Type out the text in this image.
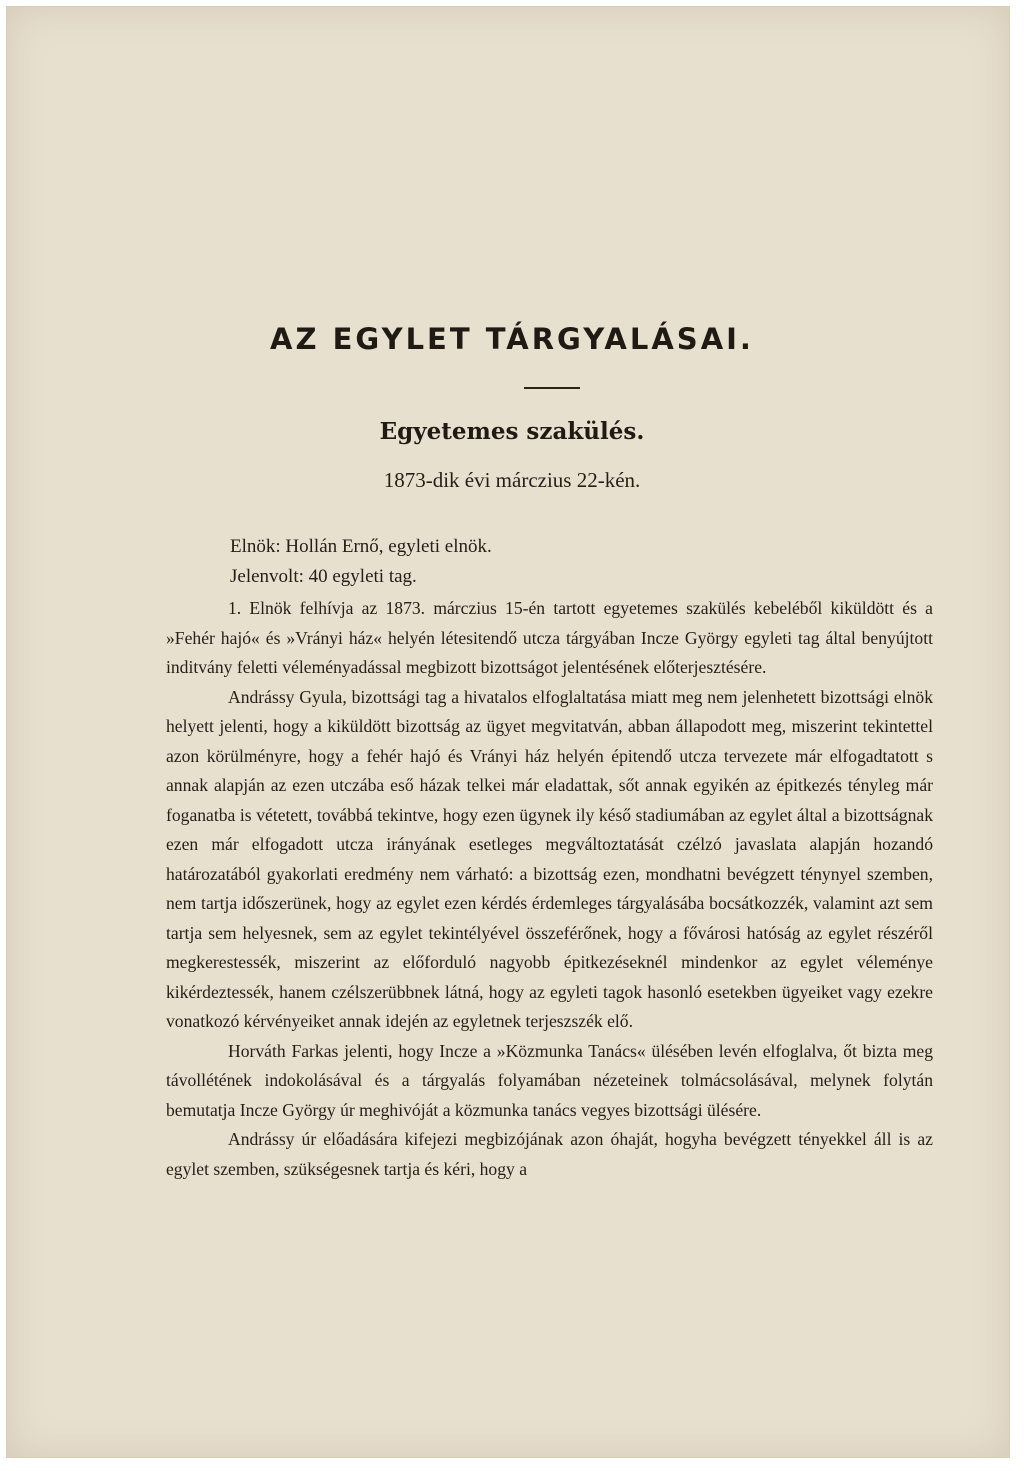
AZ EGYLET TÁRGYALÁSAI.
Egyetemes szakülés.
1873-dik évi márczius 22-kén.
Elnök: Hollán Ernő, egyleti elnök.
Jelenvolt: 40 egyleti tag.

1. Elnök felhívja az 1873. márczius 15-én tartott egyetemes szakülés kebeléből kiküldött és a »Fehér hajó« és »Vrányi ház« helyén létesitendő utcza tárgyában Incze György egyleti tag által benyújtott inditvány feletti véleményadással megbizott bizottságot jelentésének előterjesztésére.

Andrássy Gyula, bizottsági tag a hivatalos elfoglaltatása miatt meg nem jelenhetett bizottsági elnök helyett jelenti, hogy a kiküldött bizottság az ügyet megvitatván, abban állapodott meg, miszerint tekintettel azon körülményre, hogy a fehér hajó és Vrányi ház helyén épitendő utcza tervezete már elfogadtatott s annak alapján az ezen utczába eső házak telkei már eladattak, sőt annak egyikén az épitkezés tényleg már foganatba is vétetett, továbbá tekintve, hogy ezen ügynek ily késő stadiumában az egylet által a bizottságnak ezen már elfogadott utcza irányának esetleges megváltoztatását czélzó javaslata alapján hozandó határozatából gyakorlati eredmény nem várható: a bizottság ezen, mondhatni bevégzett ténynyel szemben, nem tartja időszerünek, hogy az egylet ezen kérdés érdemleges tárgyalásába bocsátkozzék, valamint azt sem tartja sem helyesnek, sem az egylet tekintélyével összeférőnek, hogy a fővárosi hatóság az egylet részéről megkerestessék, miszerint az előforduló nagyobb épitkezéseknél mindenkor az egylet véleménye kikérdeztessék, hanem czélszerübbnek látná, hogy az egyleti tagok hasonló esetekben ügyeiket vagy ezekre vonatkozó kérvényeiket annak idején az egyletnek terjeszszék elő.

Horváth Farkas jelenti, hogy Incze a »Közmunka Tanács« ülésében levén elfoglalva, őt bizta meg távollétének indokolásával és a tárgyalás folyamában nézeteinek tolmácsolásával, melynek folytán bemutatja Incze György úr meghivóját a közmunka tanács vegyes bizottsági ülésére.

Andrássy úr előadására kifejezi megbizójának azon óhaját, hogyha bevégzett tényekkel áll is az egylet szemben, szükségesnek tartja és kéri, hogy a
